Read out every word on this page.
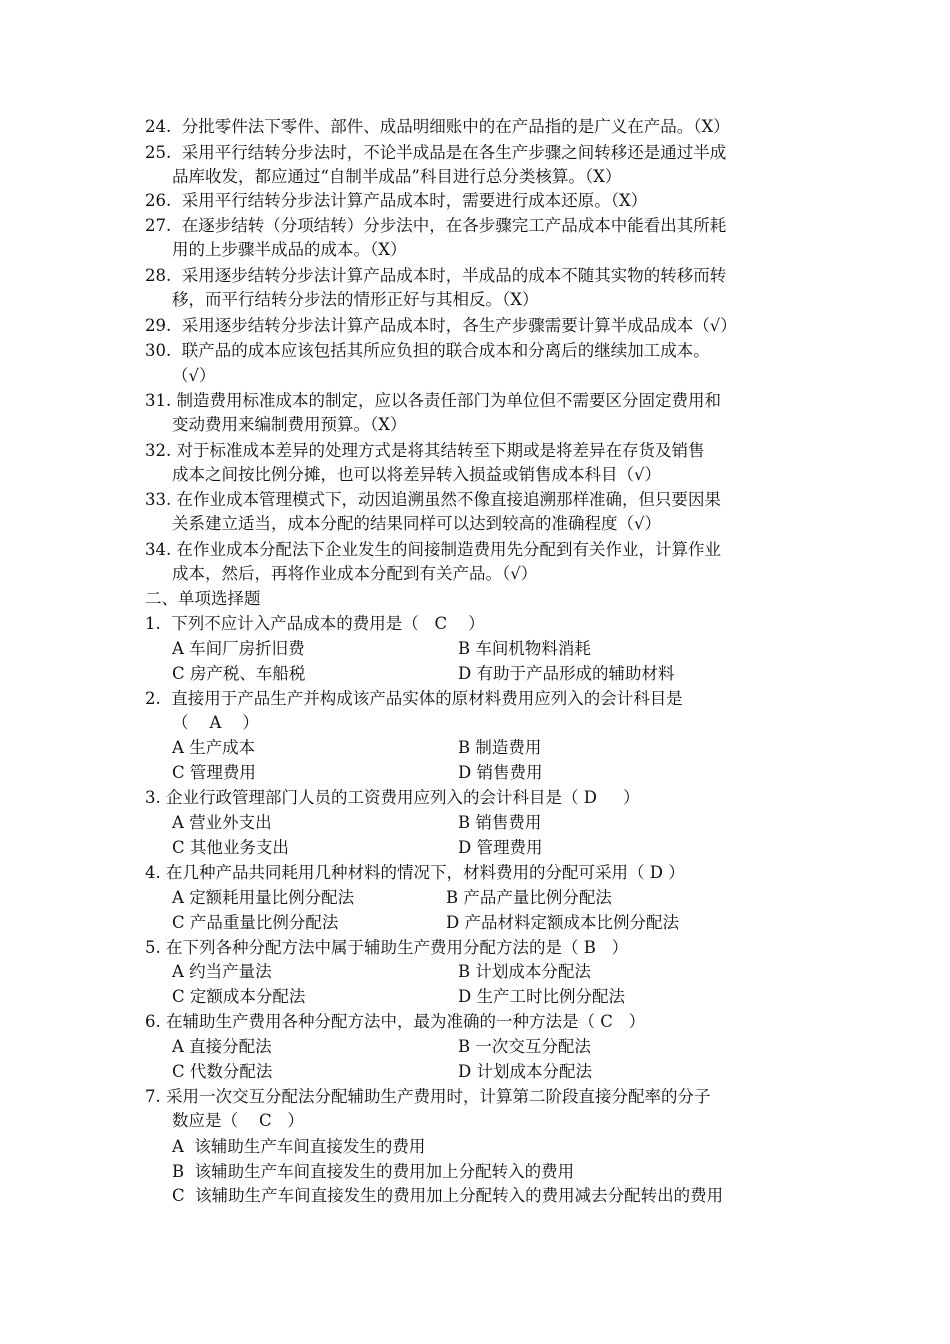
24.  分批零件法下零件、部件、成品明细账中的在产品指的是广义在产品。（X）
25.  采用平行结转分步法时，不论半成品是在各生产步骤之间转移还是通过半成
品库收发，都应通过“自制半成品”科目进行总分类核算。（X）
26.  采用平行结转分步法计算产品成本时，需要进行成本还原。（X）
27.  在逐步结转（分项结转）分步法中，在各步骤完工产品成本中能看出其所耗
用的上步骤半成品的成本。（X）
28.  采用逐步结转分步法计算产品成本时，半成品的成本不随其实物的转移而转
移，而平行结转分步法的情形正好与其相反。（X）
29.  采用逐步结转分步法计算产品成本时，各生产步骤需要计算半成品成本（√）
30.  联产品的成本应该包括其所应负担的联合成本和分离后的继续加工成本。
（√）
31. 制造费用标准成本的制定，应以各责任部门为单位但不需要区分固定费用和
变动费用来编制费用预算。（X）
32. 对于标准成本差异的处理方式是将其结转至下期或是将差异在存货及销售
成本之间按比例分摊，也可以将差异转入损益或销售成本科目（√）
33. 在作业成本管理模式下，动因追溯虽然不像直接追溯那样准确，但只要因果
关系建立适当，成本分配的结果同样可以达到较高的准确程度（√）
34. 在作业成本分配法下企业发生的间接制造费用先分配到有关作业，计算作业
成本，然后，再将作业成本分配到有关产品。（√）
二、单项选择题
1.  下列不应计入产品成本的费用是（   C    ）
A 车间厂房折旧费	B 车间机物料消耗
C 房产税、车船税	D 有助于产品形成的辅助材料
2.  直接用于产品生产并构成该产品实体的原材料费用应列入的会计科目是
（    A    ）
A 生产成本	B 制造费用
C 管理费用	D 销售费用
3. 企业行政管理部门人员的工资费用应列入的会计科目是（ D     ）
A 营业外支出	B 销售费用
C 其他业务支出	D 管理费用
4. 在几种产品共同耗用几种材料的情况下，材料费用的分配可采用（ D ）
A 定额耗用量比例分配法	B 产品产量比例分配法
C 产品重量比例分配法	D 产品材料定额成本比例分配法
5. 在下列各种分配方法中属于辅助生产费用分配方法的是（ B   ）
A 约当产量法	B 计划成本分配法
C 定额成本分配法	D 生产工时比例分配法
6. 在辅助生产费用各种分配方法中，最为准确的一种方法是（ C   ）
A 直接分配法	B 一次交互分配法
C 代数分配法	D 计划成本分配法
7. 采用一次交互分配法分配辅助生产费用时，计算第二阶段直接分配率的分子
数应是（    C   ）
A  该辅助生产车间直接发生的费用
B  该辅助生产车间直接发生的费用加上分配转入的费用
C  该辅助生产车间直接发生的费用加上分配转入的费用减去分配转出的费用
